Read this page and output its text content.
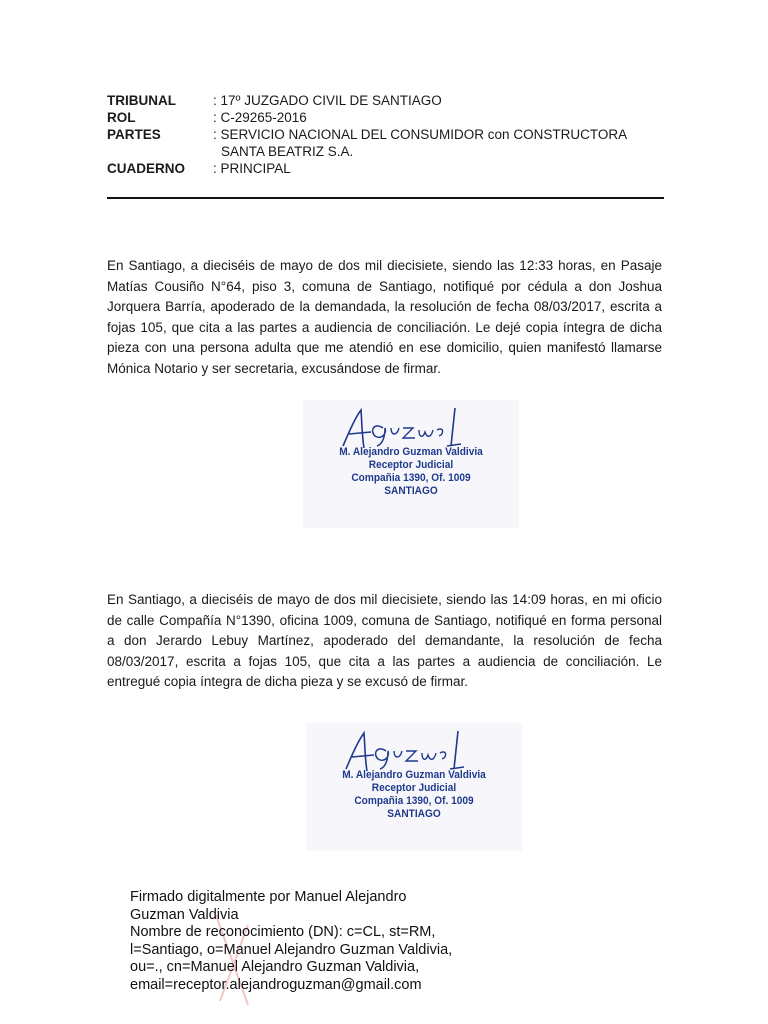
TRIBUNAL	: 17º JUZGADO CIVIL DE SANTIAGO
ROL	: C-29265-2016
PARTES	: SERVICIO NACIONAL DEL CONSUMIDOR con CONSTRUCTORA
SANTA BEATRIZ S.A.
CUADERNO	: PRINCIPAL

En Santiago, a dieciséis de mayo de dos mil diecisiete, siendo las 12:33 horas, en Pasaje Matías Cousiño N°64, piso 3, comuna de Santiago, notifiqué por cédula a don Joshua Jorquera Barría, apoderado de la demandada, la resolución de fecha 08/03/2017, escrita a fojas 105, que cita a las partes a audiencia de conciliación. Le dejé copia íntegra de dicha pieza con una persona adulta que me atendió en ese domicilio, quien manifestó llamarse Mónica Notario y ser secretaria, excusándose de firmar.

M. Alejandro Guzman Valdivia
Receptor Judicial
Compañia 1390, Of. 1009
SANTIAGO

En Santiago, a dieciséis de mayo de dos mil diecisiete, siendo las 14:09 horas, en mi oficio de calle Compañía N°1390, oficina 1009, comuna de Santiago, notifiqué en forma personal a don Jerardo Lebuy Martínez, apoderado del demandante, la resolución de fecha 08/03/2017, escrita a fojas 105, que cita a las partes a audiencia de conciliación. Le entregué copia íntegra de dicha pieza y se excusó de firmar.

M. Alejandro Guzman Valdivia
Receptor Judicial
Compañia 1390, Of. 1009
SANTIAGO
Firmado digitalmente por Manuel Alejandro
Guzman Valdivia
Nombre de reconocimiento (DN): c=CL, st=RM,
l=Santiago, o=Manuel Alejandro Guzman Valdivia,
ou=., cn=Manuel Alejandro Guzman Valdivia,
email=receptor.alejandroguzman@gmail.com
